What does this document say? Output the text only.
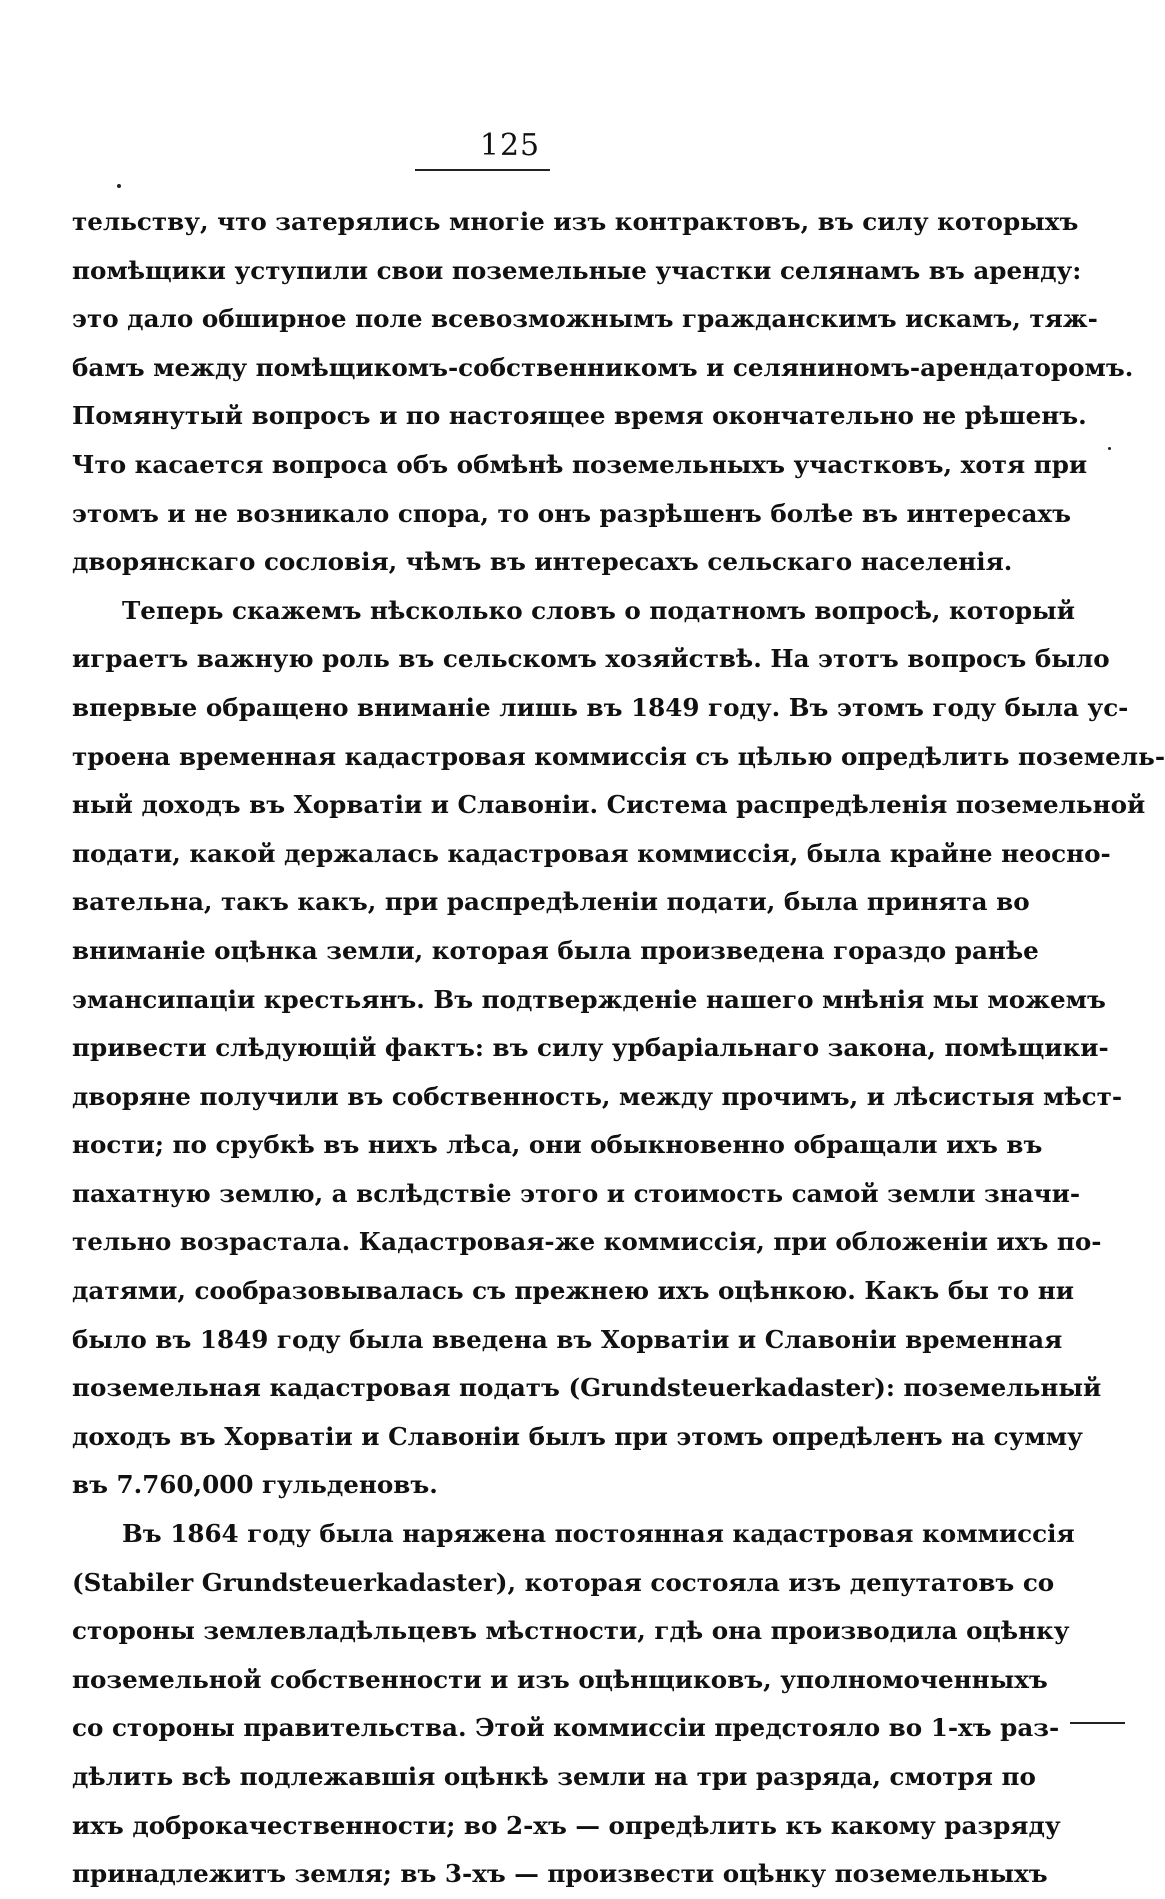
125
тельству, что затерялись многіе изъ контрактовъ, въ силу которыхъ
помѣщики уступили свои поземельные участки селянамъ въ аренду:
это дало обширное поле всевозможнымъ гражданскимъ искамъ, тяж-
бамъ между помѣщикомъ-собственникомъ и селяниномъ-арендаторомъ.
Помянутый вопросъ и по настоящее время окончательно не рѣшенъ.
Что касается вопроса объ обмѣнѣ поземельныхъ участковъ, хотя при
этомъ и не возникало спора, то онъ разрѣшенъ болѣе въ интересахъ
дворянскаго сословія, чѣмъ въ интересахъ сельскаго населенія.
Теперь скажемъ нѣсколько словъ о податномъ вопросѣ, который
играетъ важную роль въ сельскомъ хозяйствѣ. На этотъ вопросъ было
впервые обращено вниманіе лишь въ 1849 году. Въ этомъ году была ус-
троена временная кадастровая коммиссія съ цѣлью опредѣлить поземель-
ный доходъ въ Хорватіи и Славоніи. Система распредѣленія поземельной
подати, какой держалась кадастровая коммиссія, была крайне неосно-
вательна, такъ какъ, при распредѣленіи подати, была принята во
вниманіе оцѣнка земли, которая была произведена гораздо ранѣе
эмансипаціи крестьянъ. Въ подтвержденіе нашего мнѣнія мы можемъ
привести слѣдующій фактъ: въ силу урбаріальнаго закона, помѣщики-
дворяне получили въ собственность, между прочимъ, и лѣсистыя мѣст-
ности; по срубкѣ въ нихъ лѣса, они обыкновенно обращали ихъ въ
пахатную землю, а вслѣдствіе этого и стоимость самой земли значи-
тельно возрастала. Кадастровая-же коммиссія, при обложеніи ихъ по-
датями, сообразовывалась съ прежнею ихъ оцѣнкою. Какъ бы то ни
было въ 1849 году была введена въ Хорватіи и Славоніи временная
поземельная кадастровая податъ (Grundsteuerkadaster): поземельный
доходъ въ Хорватіи и Славоніи былъ при этомъ опредѣленъ на сумму
въ 7.760,000 гульденовъ.
Въ 1864 году была наряжена постоянная кадастровая коммиссія
(Stabiler Grundsteuerkadaster), которая состояла изъ депутатовъ со
стороны землевладѣльцевъ мѣстности, гдѣ она производила оцѣнку
поземельной собственности и изъ оцѣнщиковъ, уполномоченныхъ
со стороны правительства. Этой коммиссіи предстояло во 1-хъ раз-
дѣлить всѣ подлежавшія оцѣнкѣ земли на три разряда, смотря по
ихъ доброкачественности; во 2-хъ — опредѣлить къ какому разряду
принадлежитъ земля; въ 3-хъ — произвести оцѣнку поземельныхъ
